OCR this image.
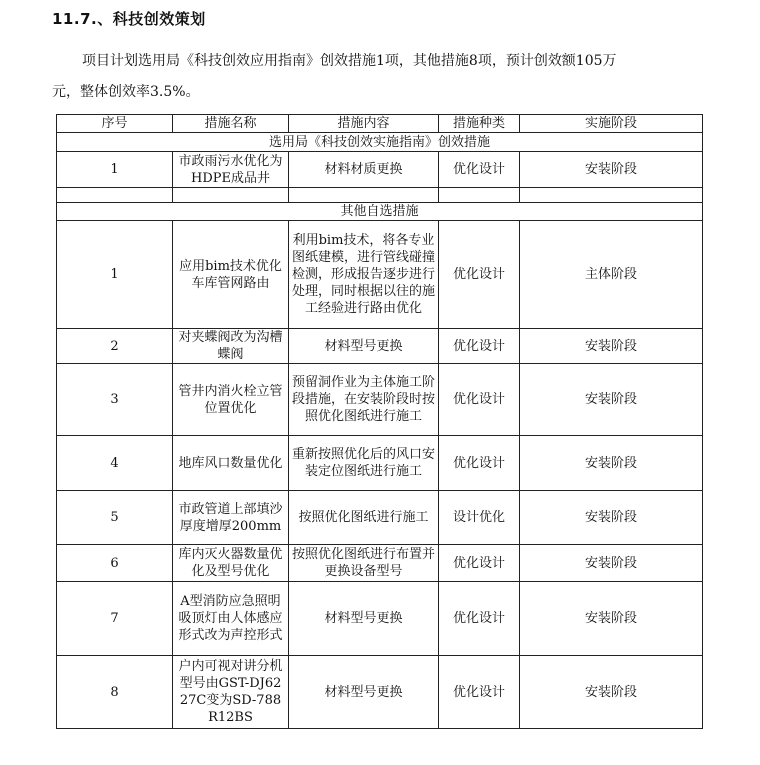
11.7.、科技创效策划
项目计划选用局《科技创效应用指南》创效措施1项，其他措施8项，预计创效额105万
元，整体创效率3.5%。
序号	措施名称	措施内容	措施种类	实施阶段
选用局《科技创效实施指南》创效措施				
1	市政雨污水优化为HDPE成品井	材料材质更换	优化设计	安装阶段

其他自选措施				
1	应用bim技术优化车库管网路由	利用bim技术，将各专业图纸建模，进行管线碰撞检测，形成报告逐步进行处理，同时根据以往的施工经验进行路由优化	优化设计	主体阶段
2	对夹蝶阀改为沟槽蝶阀	材料型号更换	优化设计	安装阶段
3	管井内消火栓立管位置优化	预留洞作业为主体施工阶段措施，在安装阶段时按照优化图纸进行施工	优化设计	安装阶段
4	地库风口数量优化	重新按照优化后的风口安装定位图纸进行施工	优化设计	安装阶段
5	市政管道上部填沙厚度增厚200mm	按照优化图纸进行施工	设计优化	安装阶段
6	库内灭火器数量优化及型号优化	按照优化图纸进行布置并更换设备型号	优化设计	安装阶段
7	A型消防应急照明吸顶灯由人体感应形式改为声控形式	材料型号更换	优化设计	安装阶段
8	户内可视对讲分机型号由GST-DJ6227C变为SD-788R12BS	材料型号更换	优化设计	安装阶段
